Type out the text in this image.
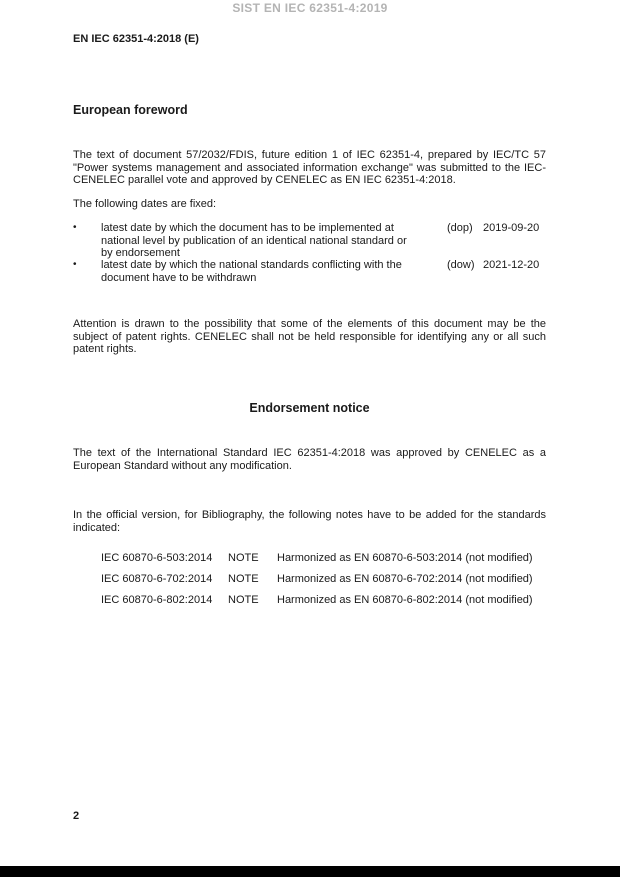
SIST EN IEC 62351-4:2019
EN IEC 62351-4:2018 (E)
European foreword

The text of document 57/2032/FDIS, future edition 1 of IEC 62351-4, prepared by IEC/TC 57 "Power systems management and associated information exchange" was submitted to the IEC-CENELEC parallel vote and approved by CENELEC as EN IEC 62351-4:2018.

The following dates are fixed:

•	latest date by which the document has to be implemented at national level by publication of an identical national standard or by endorsement
(dop) 2019-09-20
•	latest date by which the national standards conflicting with the document have to be withdrawn
(dow) 2021-12-20

Attention is drawn to the possibility that some of the elements of this document may be the subject of patent rights. CENELEC shall not be held responsible for identifying any or all such patent rights.

Endorsement notice

The text of the International Standard IEC 62351-4:2018 was approved by CENELEC as a European Standard without any modification.

In the official version, for Bibliography, the following notes have to be added for the standards indicated:

IEC 60870-6-503:2014	NOTE	Harmonized as EN 60870-6-503:2014 (not modified)
IEC 60870-6-702:2014	NOTE	Harmonized as EN 60870-6-702:2014 (not modified)
IEC 60870-6-802:2014	NOTE	Harmonized as EN 60870-6-802:2014 (not modified)
2
